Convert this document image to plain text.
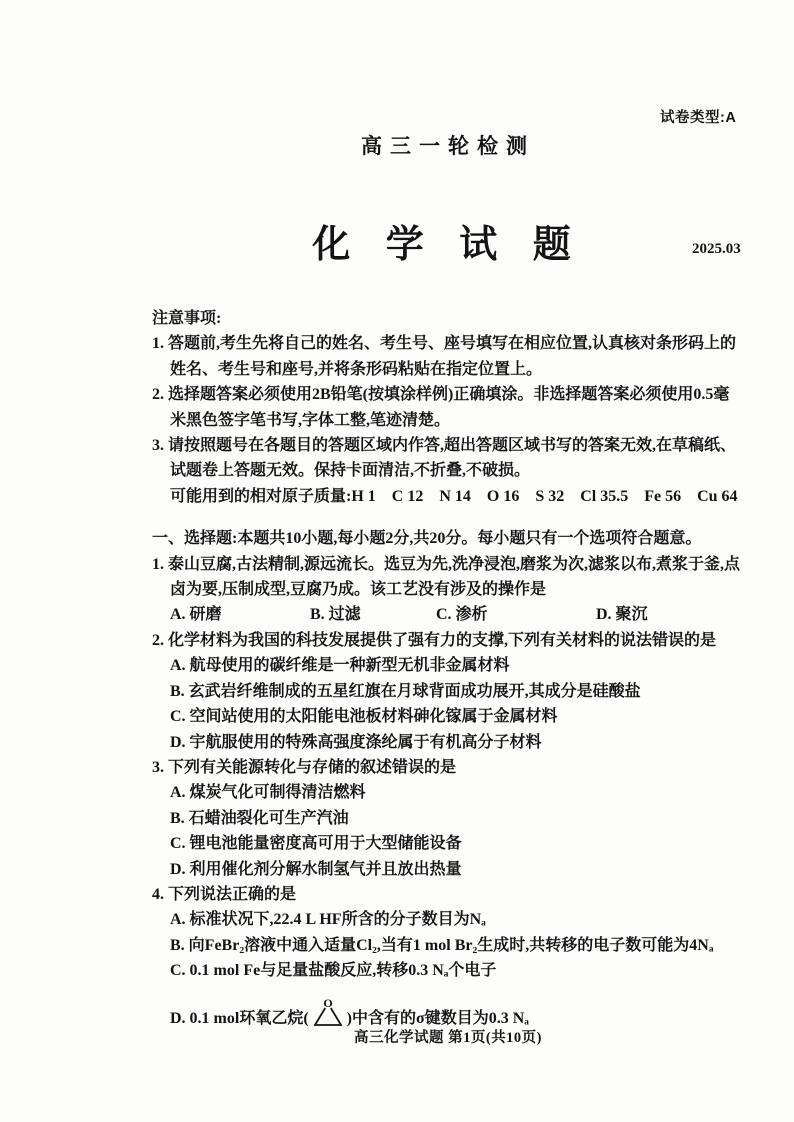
试卷类型:A
高三一轮检测
化 学 试 题	2025.03
注意事项:

1. 答题前,考生先将自己的姓名、考生号、座号填写在相应位置,认真核对条形码上的姓名、考生号和座号,并将条形码粘贴在指定位置上。

2. 选择题答案必须使用2B铅笔(按填涂样例)正确填涂。非选择题答案必须使用0.5毫米黑色签字笔书写,字体工整,笔迹清楚。

3. 请按照题号在各题目的答题区域内作答,超出答题区域书写的答案无效,在草稿纸、试题卷上答题无效。保持卡面清洁,不折叠,不破损。

可能用到的相对原子质量:H 1　C 12　N 14　O 16　S 32　Cl 35.5　Fe 56　Cu 64

一、选择题:本题共10小题,每小题2分,共20分。每小题只有一个选项符合题意。

1. 泰山豆腐,古法精制,源远流长。选豆为先,洗净浸泡,磨浆为次,滤浆以布,煮浆于釜,点卤为要,压制成型,豆腐乃成。该工艺没有涉及的操作是

A. 研磨	B. 过滤	C. 渗析	D. 聚沉

2. 化学材料为我国的科技发展提供了强有力的支撑,下列有关材料的说法错误的是

A. 航母使用的碳纤维是一种新型无机非金属材料

B. 玄武岩纤维制成的五星红旗在月球背面成功展开,其成分是硅酸盐

C. 空间站使用的太阳能电池板材料砷化镓属于金属材料

D. 宇航服使用的特殊高强度涤纶属于有机高分子材料

3. 下列有关能源转化与存储的叙述错误的是

A. 煤炭气化可制得清洁燃料

B. 石蜡油裂化可生产汽油

C. 锂电池能量密度高可用于大型储能设备

D. 利用催化剂分解水制氢气并且放出热量

4. 下列说法正确的是

A. 标准状况下,22.4 L HF所含的分子数目为Nₐ

B. 向FeBr₂溶液中通入适量Cl₂,当有1 mol Br₂生成时,共转移的电子数可能为4Nₐ

C. 0.1 mol Fe与足量盐酸反应,转移0.3 Nₐ个电子

D. 0.1 mol环氧乙烷(
O
)中含有的σ键数目为0.3 Nₐ

高三化学试题 第1页(共10页)
